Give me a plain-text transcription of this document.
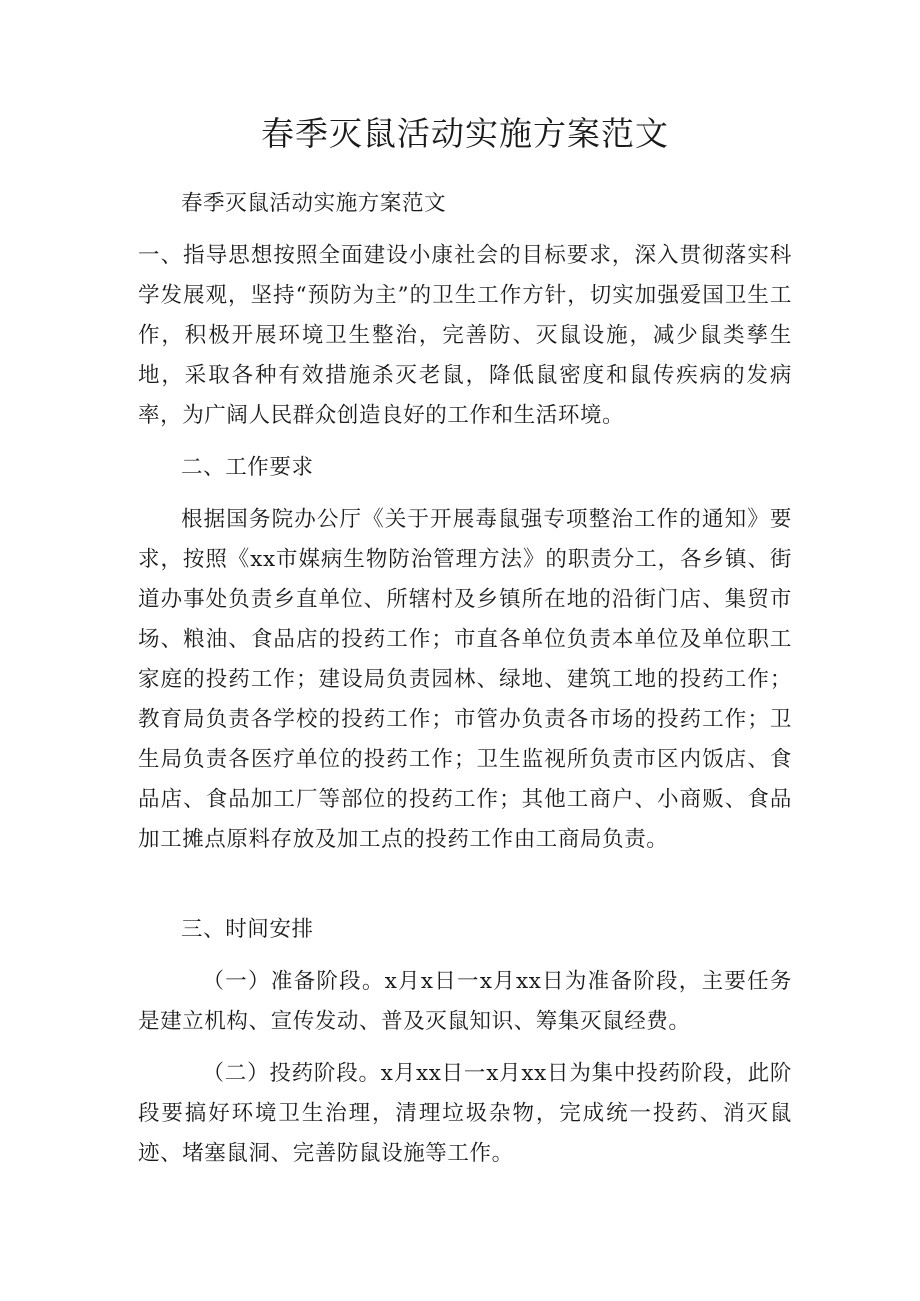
春季灭鼠活动实施方案范文

春季灭鼠活动实施方案范文

一、指导思想按照全面建设小康社会的目标要求，深入贯彻落实科学发展观，坚持“预防为主”的卫生工作方针，切实加强爱国卫生工作，积极开展环境卫生整治，完善防、灭鼠设施，减少鼠类孳生地，采取各种有效措施杀灭老鼠，降低鼠密度和鼠传疾病的发病率，为广阔人民群众创造良好的工作和生活环境。

二、工作要求

根据国务院办公厅《关于开展毒鼠强专项整治工作的通知》要求，按照《xx市媒病生物防治管理方法》的职责分工，各乡镇、街道办事处负责乡直单位、所辖村及乡镇所在地的沿街门店、集贸市场、粮油、食品店的投药工作；市直各单位负责本单位及单位职工家庭的投药工作；建设局负责园林、绿地、建筑工地的投药工作；教育局负责各学校的投药工作；市管办负责各市场的投药工作；卫生局负责各医疗单位的投药工作；卫生监视所负责市区内饭店、食品店、食品加工厂等部位的投药工作；其他工商户、小商贩、食品加工摊点原料存放及加工点的投药工作由工商局负责。

三、时间安排

（一）准备阶段。x月x日一x月xx日为准备阶段，主要任务是建立机构、宣传发动、普及灭鼠知识、筹集灭鼠经费。

（二）投药阶段。x月xx日一x月xx日为集中投药阶段，此阶段要搞好环境卫生治理，清理垃圾杂物，完成统一投药、消灭鼠迹、堵塞鼠洞、完善防鼠设施等工作。
